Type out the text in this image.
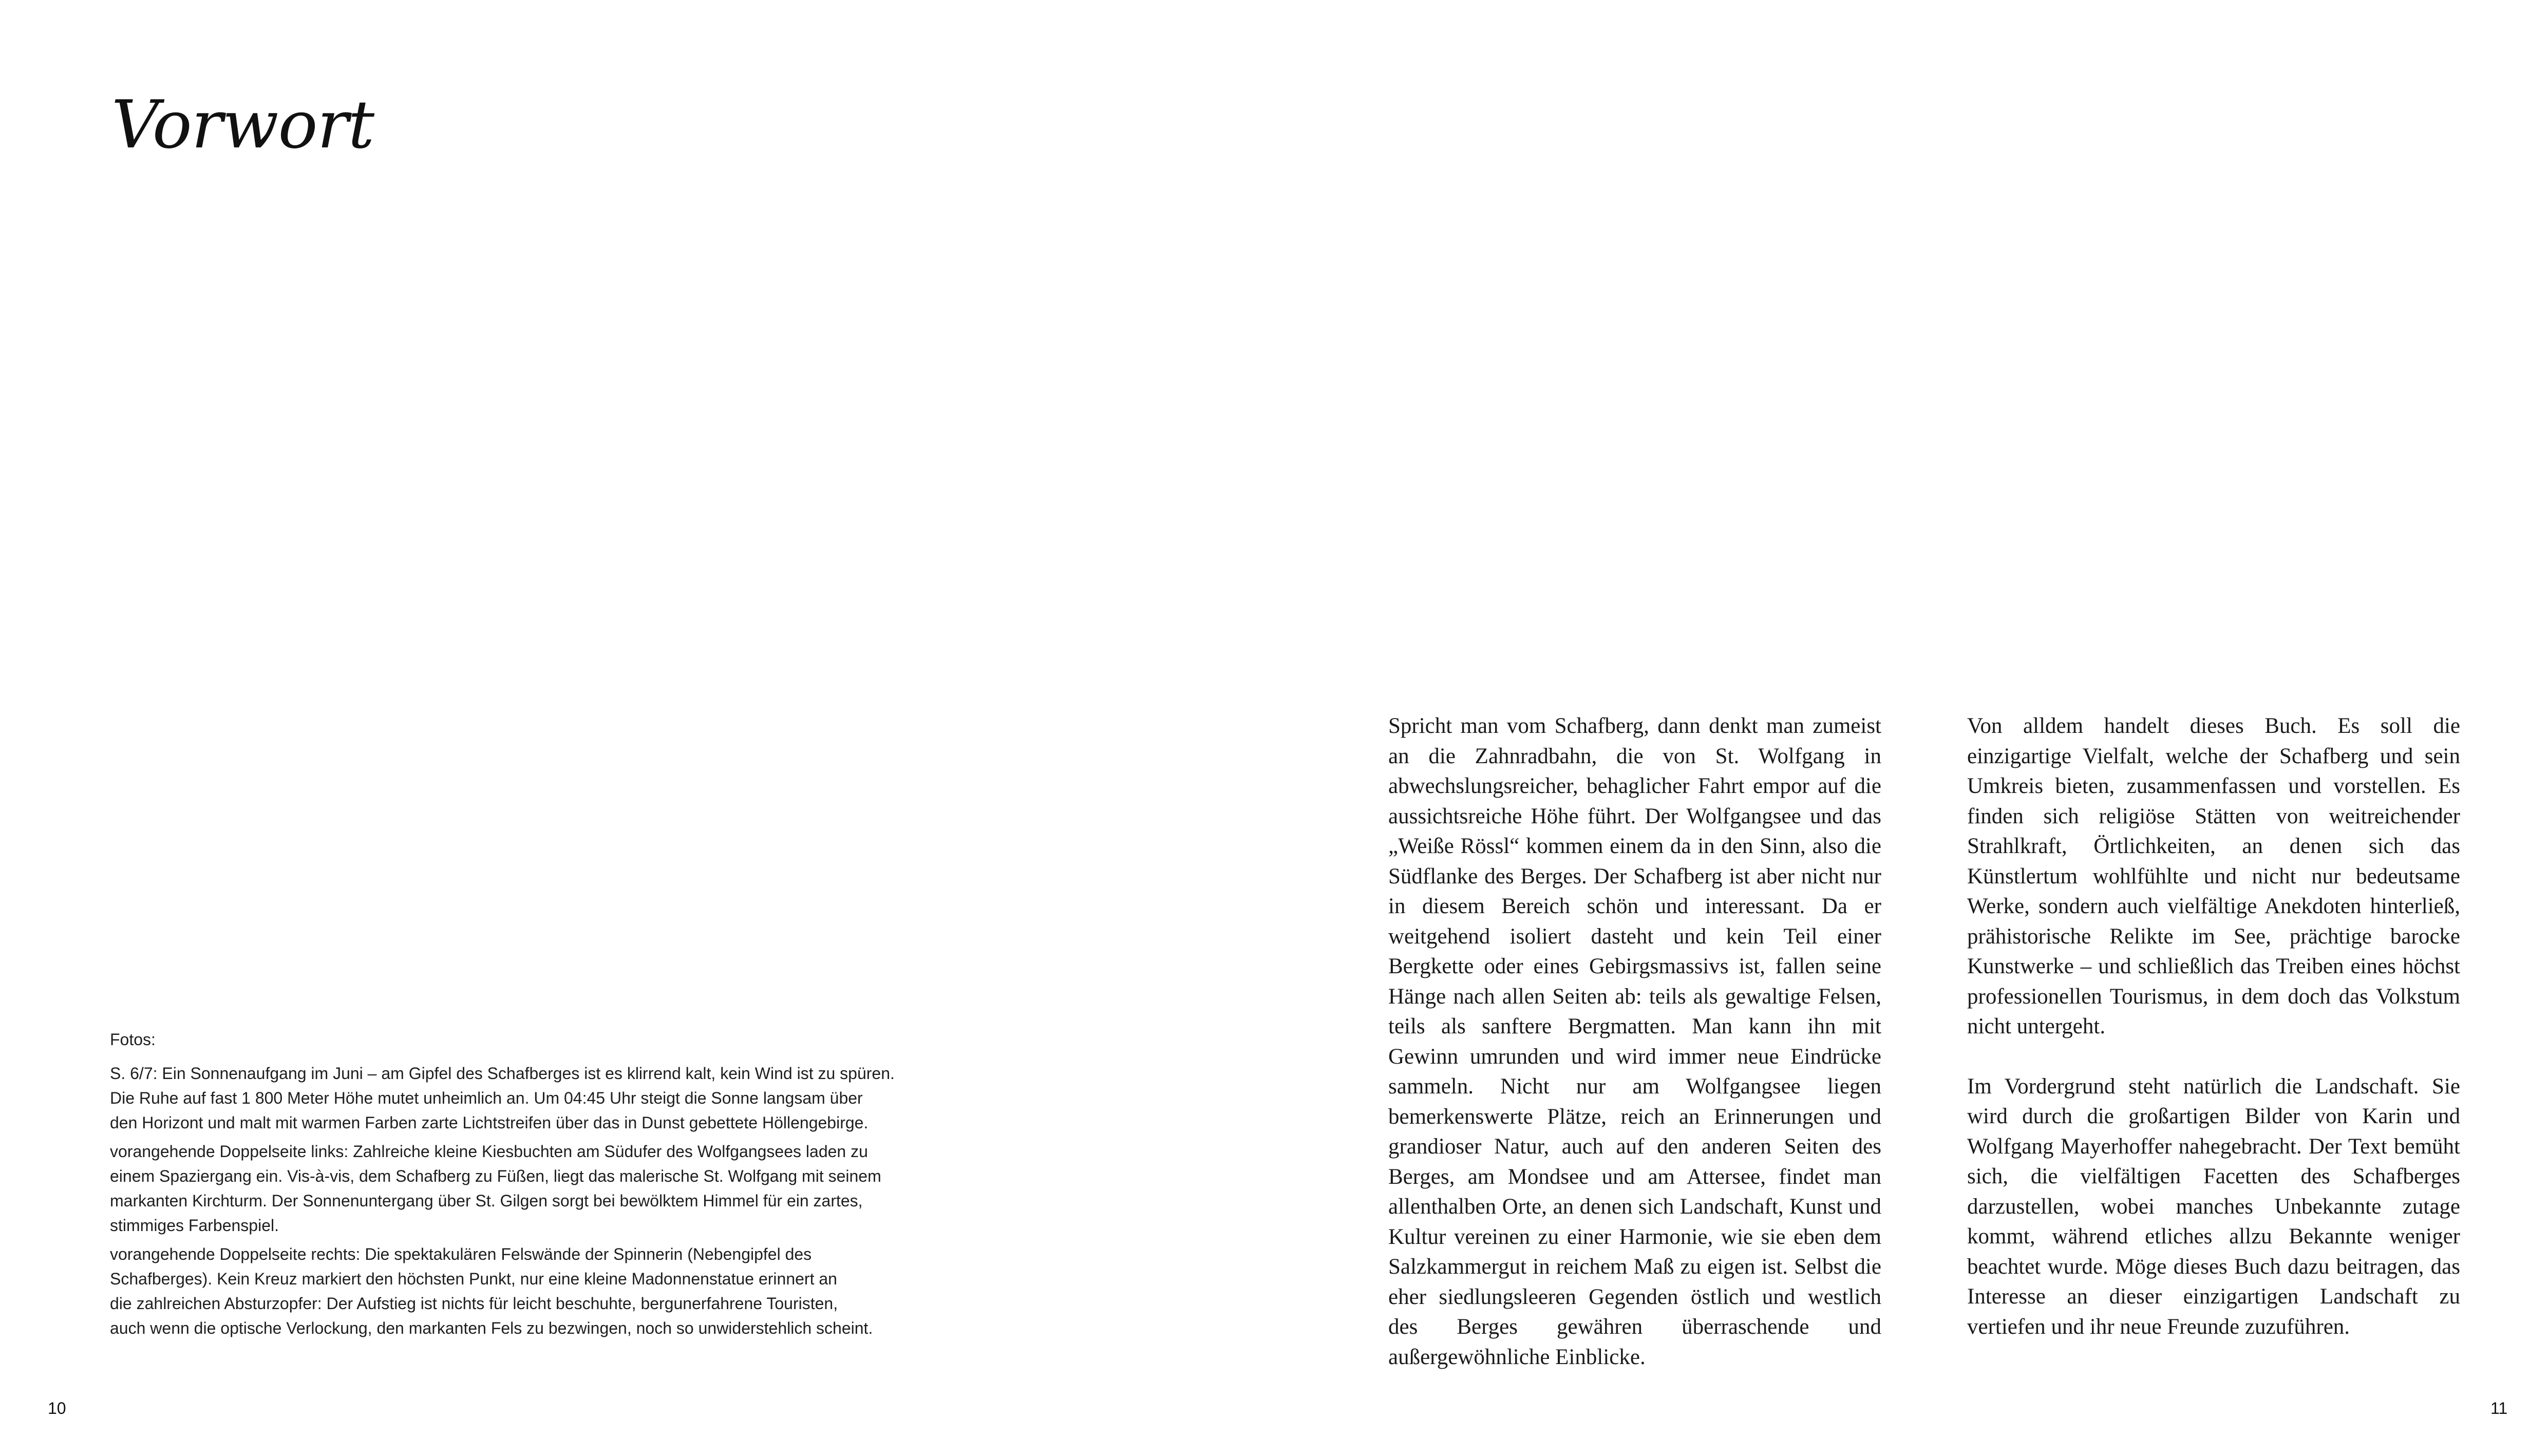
Vorwort

Fotos:

S. 6/7: Ein Sonnenaufgang im Juni – am Gipfel des Schafberges ist es klirrend kalt, kein Wind ist zu spüren.
Die Ruhe auf fast 1 800 Meter Höhe mutet unheimlich an. Um 04:45 Uhr steigt die Sonne langsam über
den Horizont und malt mit warmen Farben zarte Lichtstreifen über das in Dunst gebettete Höllengebirge.

vorangehende Doppelseite links: Zahlreiche kleine Kiesbuchten am Südufer des Wolfgangsees laden zu
einem Spaziergang ein. Vis-à-vis, dem Schafberg zu Füßen, liegt das malerische St. Wolfgang mit seinem
markanten Kirchturm. Der Sonnenuntergang über St. Gilgen sorgt bei bewölktem Himmel für ein zartes,
stimmiges Farbenspiel.

vorangehende Doppelseite rechts: Die spektakulären Felswände der Spinnerin (Nebengipfel des
Schafberges). Kein Kreuz markiert den höchsten Punkt, nur eine kleine Madonnenstatue erinnert an
die zahlreichen Absturzopfer: Der Aufstieg ist nichts für leicht beschuhte, bergunerfahrene Touristen,
auch wenn die optische Verlockung, den markanten Fels zu bezwingen, noch so unwiderstehlich scheint.

Spricht man vom Schafberg, dann denkt man zumeist an die Zahnradbahn, die von St. Wolfgang in abwechslungsreicher, behaglicher Fahrt empor auf die aussichtsreiche Höhe führt. Der Wolfgangsee und das „Weiße Rössl“ kommen einem da in den Sinn, also die Südflanke des Berges. Der Schafberg ist aber nicht nur in diesem Bereich schön und interessant. Da er weitgehend isoliert dasteht und kein Teil einer Bergkette oder eines Gebirgsmassivs ist, fallen seine Hänge nach allen Seiten ab: teils als gewaltige Felsen, teils als sanftere Bergmatten. Man kann ihn mit Gewinn umrunden und wird immer neue Eindrücke sammeln. Nicht nur am Wolfgangsee liegen bemerkenswerte Plätze, reich an Erinnerungen und grandioser Natur, auch auf den anderen Seiten des Berges, am Mondsee und am Attersee, findet man allenthalben Orte, an denen sich Landschaft, Kunst und Kultur vereinen zu einer Harmonie, wie sie eben dem Salzkammergut in reichem Maß zu eigen ist. Selbst die eher siedlungsleeren Gegenden östlich und westlich des Berges gewähren überraschende und außergewöhnliche Einblicke.

Von alldem handelt dieses Buch. Es soll die einzigartige Vielfalt, welche der Schafberg und sein Umkreis bieten, zusammenfassen und vorstellen. Es finden sich religiöse Stätten von weitreichender Strahlkraft, Örtlichkeiten, an denen sich das Künstlertum wohlfühlte und nicht nur bedeutsame Werke, sondern auch vielfältige Anekdoten hinterließ, prähistorische Relikte im See, prächtige barocke Kunstwerke – und schließlich das Treiben eines höchst professionellen Tourismus, in dem doch das Volkstum nicht untergeht.

Im Vordergrund steht natürlich die Landschaft. Sie wird durch die großartigen Bilder von Karin und Wolfgang Mayerhoffer nahegebracht. Der Text bemüht sich, die vielfältigen Facetten des Schafberges darzustellen, wobei manches Unbekannte zutage kommt, während etliches allzu Bekannte weniger beachtet wurde. Möge dieses Buch dazu beitragen, das Interesse an dieser einzigartigen Landschaft zu vertiefen und ihr neue Freunde zuzuführen.

10	11
